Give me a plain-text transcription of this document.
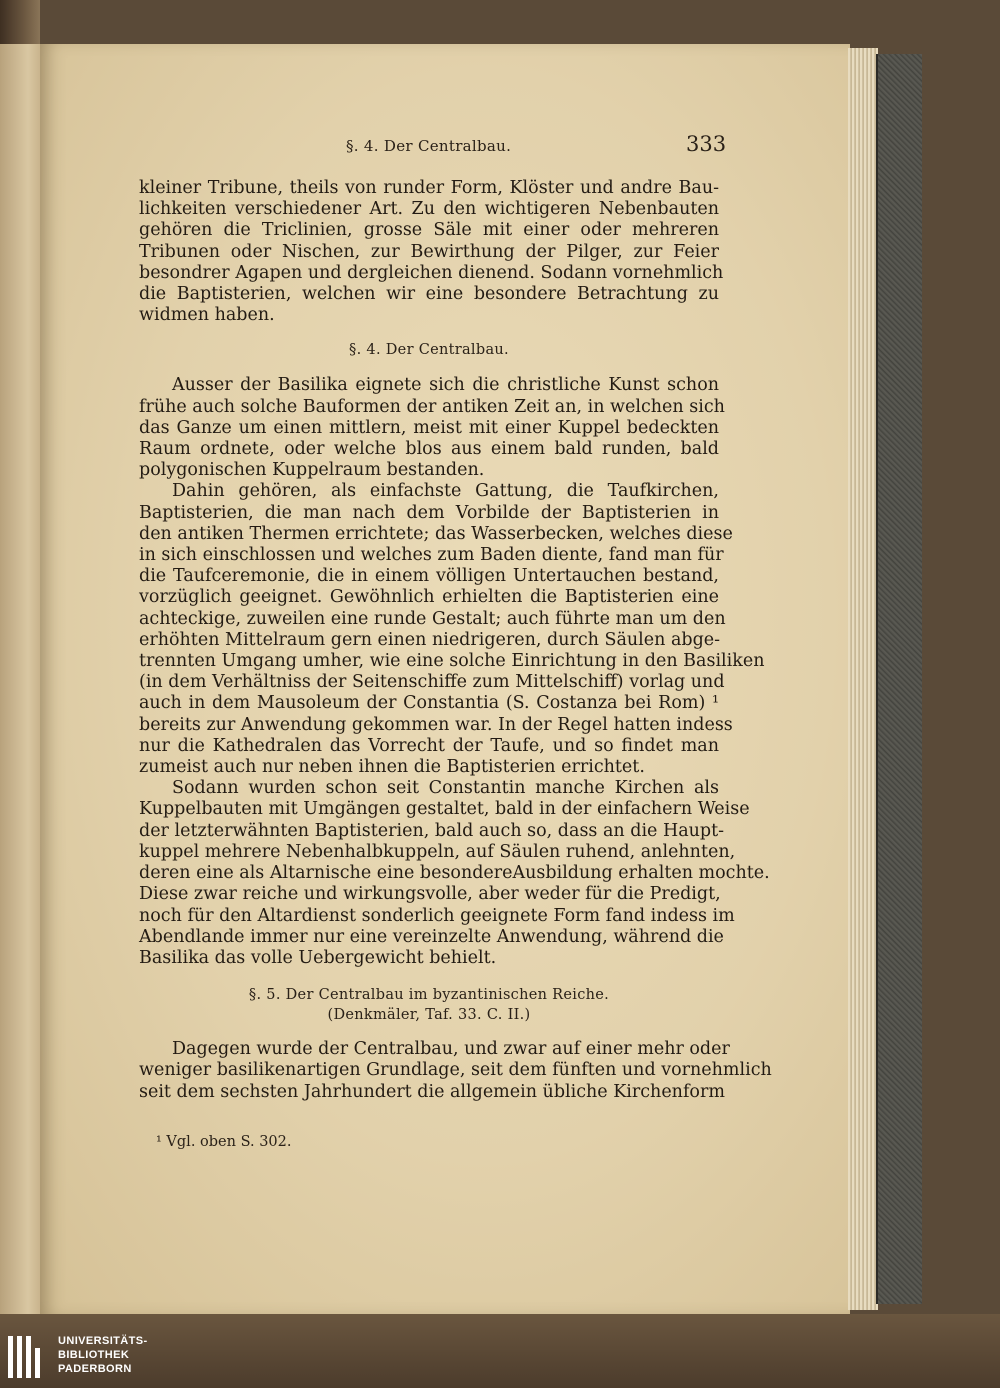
§. 4. Der Centralbau.	333
kleiner Tribune, theils von runder Form, Klöster und andre Bau-
lichkeiten verschiedener Art. Zu den wichtigeren Nebenbauten
gehören die Triclinien, grosse Säle mit einer oder mehreren
Tribunen oder Nischen, zur Bewirthung der Pilger, zur Feier
besondrer Agapen und dergleichen dienend. Sodann vornehmlich
die Baptisterien, welchen wir eine besondere Betrachtung zu
widmen haben.
§. 4. Der Centralbau.
Ausser der Basilika eignete sich die christliche Kunst schon
frühe auch solche Bauformen der antiken Zeit an, in welchen sich
das Ganze um einen mittlern, meist mit einer Kuppel bedeckten
Raum ordnete, oder welche blos aus einem bald runden, bald
polygonischen Kuppelraum bestanden.
Dahin gehören, als einfachste Gattung, die Taufkirchen,
Baptisterien, die man nach dem Vorbilde der Baptisterien in
den antiken Thermen errichtete; das Wasserbecken, welches diese
in sich einschlossen und welches zum Baden diente, fand man für
die Taufceremonie, die in einem völligen Untertauchen bestand,
vorzüglich geeignet. Gewöhnlich erhielten die Baptisterien eine
achteckige, zuweilen eine runde Gestalt; auch führte man um den
erhöhten Mittelraum gern einen niedrigeren, durch Säulen abge-
trennten Umgang umher, wie eine solche Einrichtung in den Basiliken
(in dem Verhältniss der Seitenschiffe zum Mittelschiff) vorlag und
auch in dem Mausoleum der Constantia (S. Costanza bei Rom) ¹
bereits zur Anwendung gekommen war. In der Regel hatten indess
nur die Kathedralen das Vorrecht der Taufe, und so findet man
zumeist auch nur neben ihnen die Baptisterien errichtet.
Sodann wurden schon seit Constantin manche Kirchen als
Kuppelbauten mit Umgängen gestaltet, bald in der einfachern Weise
der letzterwähnten Baptisterien, bald auch so, dass an die Haupt-
kuppel mehrere Nebenhalbkuppeln, auf Säulen ruhend, anlehnten,
deren eine als Altarnische eine besondereAusbildung erhalten mochte.
Diese zwar reiche und wirkungsvolle, aber weder für die Predigt,
noch für den Altardienst sonderlich geeignete Form fand indess im
Abendlande immer nur eine vereinzelte Anwendung, während die
Basilika das volle Uebergewicht behielt.
§. 5. Der Centralbau im byzantinischen Reiche.
(Denkmäler, Taf. 33. C. II.)
Dagegen wurde der Centralbau, und zwar auf einer mehr oder
weniger basilikenartigen Grundlage, seit dem fünften und vornehmlich
seit dem sechsten Jahrhundert die allgemein übliche Kirchenform
¹ Vgl. oben S. 302.
UNIVERSITÄTS-
BIBLIOTHEK
PADERBORN
